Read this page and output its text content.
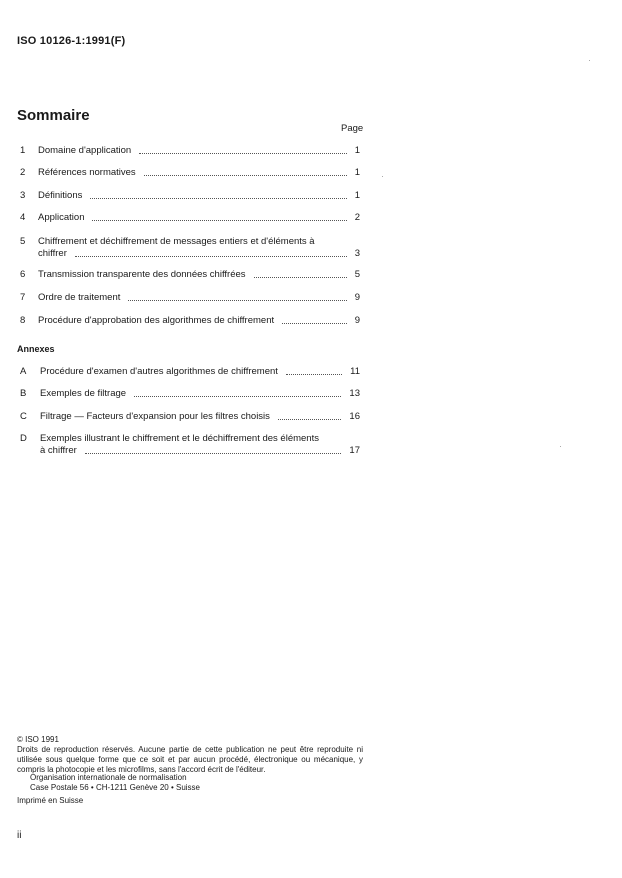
ISO 10126-1:1991(F)
Sommaire
Page
1 Domaine d'application	1
2 Références normatives	1
3 Définitions	1
4 Application	2
5 Chiffrement et déchiffrement de messages entiers et d'éléments à
chiffrer	3
6 Transmission transparente des données chiffrées	5
7 Ordre de traitement	9
8 Procédure d'approbation des algorithmes de chiffrement	9
Annexes
A Procédure d'examen d'autres algorithmes de chiffrement	11
B Exemples de filtrage	13
C Filtrage — Facteurs d'expansion pour les filtres choisis	16
D Exemples illustrant le chiffrement et le déchiffrement des éléments
à chiffrer	17
© ISO 1991
Droits de reproduction réservés. Aucune partie de cette publication ne peut être reproduite ni utilisée sous quelque forme que ce soit et par aucun procédé, électronique ou mécanique, y compris la photocopie et les microfilms, sans l'accord écrit de l'éditeur.
Organisation internationale de normalisation
Case Postale 56 • CH-1211 Genève 20 • Suisse
Imprimé en Suisse
ii
